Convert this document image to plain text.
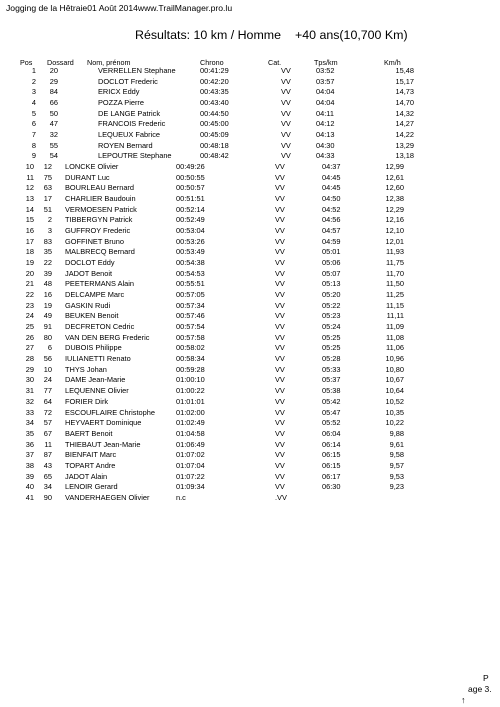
Jogging de la Hêtraie01 Août 2014www.TrailManager.pro.lu
Résultats: 10 km / Homme +40 ans(10,700 Km)
Pos Dossard Nom, prénom	Chrono	Cat.	Tps/km	Km/h
1	20	VERRELLEN Stephane	00:41:29	VV	03:52	15,48
2	29	DOCLOT Frederic	00:42:20	VV	03:57	15,17
3	84	ERICX Eddy	00:43:35	VV	04:04	14,73
4	66	POZZA Pierre	00:43:40	VV	04:04	14,70
5	50	DE LANGE Patrick	00:44:50	VV	04:11	14,32
6	47	FRANCOIS Frederic	00:45:00	VV	04:12	14,27
7	32	LEQUEUX Fabrice	00:45:09	VV	04:13	14,22
8	55	ROYEN Bernard	00:48:18	VV	04:30	13,29
9	54	LEPOUTRE Stephane	00:48:42	VV	04:33	13,18
10	12 LONCKE Olivier	00:49:26	VV	04:37	12,99
11	75 DURANT Luc	00:50:55	VV	04:45	12,61
12	63 BOURLEAU Bernard	00:50:57	VV	04:45	12,60
13	17 CHARLIER Baudouin	00:51:51	VV	04:50	12,38
14	51 VERMOESEN Patrick	00:52:14	VV	04:52	12,29
15	2 TIBBERGYN Patrick	00:52:49	VV	04:56	12,16
16	3 GUFFROY Frederic	00:53:04	VV	04:57	12,10
17	83 GOFFINET Bruno	00:53:26	VV	04:59	12,01
18	35 MALBRECQ Bernard	00:53:49	VV	05:01	11,93
19	22 DOCLOT Eddy	00:54:38	VV	05:06	11,75
20	39 JADOT Benoit	00:54:53	VV	05:07	11,70
21	48 PEETERMANS Alain	00:55:51	VV	05:13	11,50
22	16 DELCAMPE Marc	00:57:05	VV	05:20	11,25
23	19 GASKIN Rudi	00:57:34	VV	05:22	11,15
24	49 BEUKEN Benoit	00:57:46	VV	05:23	11,11
25	91 DECFRETON Cedric	00:57:54	VV	05:24	11,09
26	80 VAN DEN BERG Frederic	00:57:58	VV	05:25	11,08
27	6 DUBOIS Philippe	00:58:02	VV	05:25	11,06
28	56 IULIANETTI Renato	00:58:34	VV	05:28	10,96
29	10 THYS Johan	00:59:28	VV	05:33	10,80
30	24 DAME Jean-Marie	01:00:10	VV	05:37	10,67
31	77 LEQUENNE Olivier	01:00:22	VV	05:38	10,64
32	64 FORIER Dirk	01:01:01	VV	05:42	10,52
33	72 ESCOUFLAIRE Christophe	01:02:00	VV	05:47	10,35
34	57 HEYVAERT Dominique	01:02:49	VV	05:52	10,22
35	67 BAERT Benoit	01:04:58	VV	06:04	9,88
36	11 THIEBAUT Jean-Marie	01:06:49	VV	06:14	9,61
37	87 BIENFAIT Marc	01:07:02	VV	06:15	9,58
38	43 TOPART Andre	01:07:04	VV	06:15	9,57
39	65 JADOT Alain	01:07:22	VV	06:17	9,53
40	34 LENOIR Gerard	01:09:34	VV	06:30	9,23
41	90 VANDERHAEGEN Olivier	n.c	.VV
P
age 3.
↑
